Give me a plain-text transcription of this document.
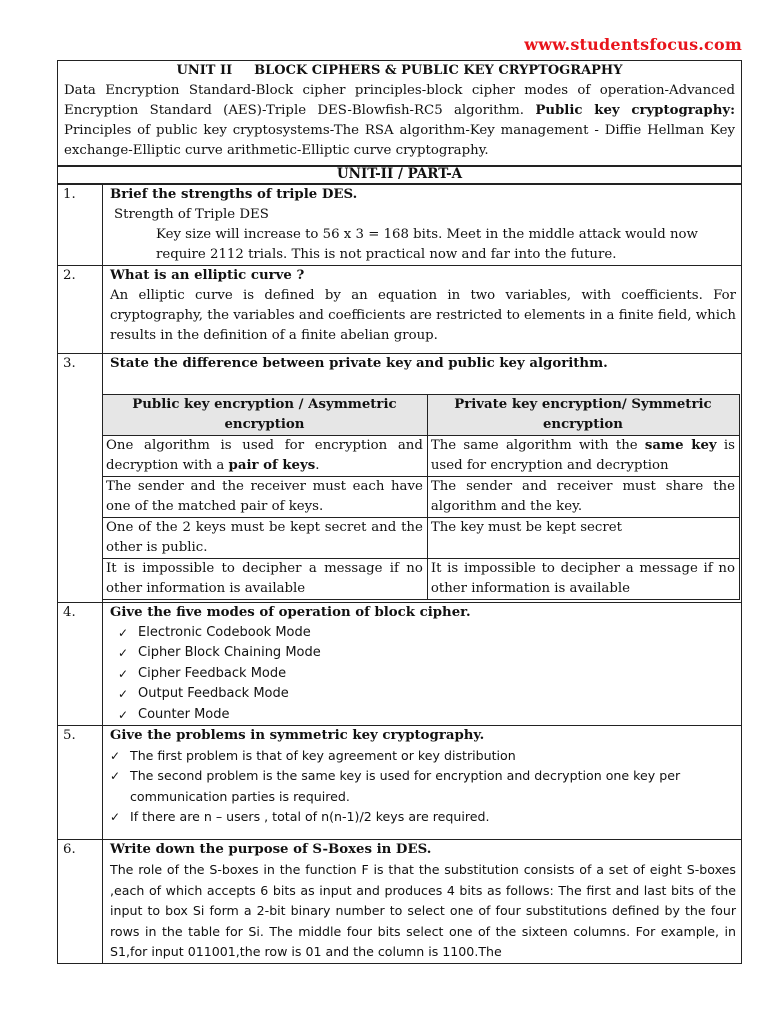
www.studentsfocus.com
UNIT II BLOCK CIPHERS & PUBLIC KEY CRYPTOGRAPHY
Data Encryption Standard-Block cipher principles-block cipher modes of operation-Advanced Encryption Standard (AES)-Triple DES-Blowfish-RC5 algorithm. Public key cryptography: Principles of public key cryptosystems-The RSA algorithm-Key management - Diffie Hellman Key exchange-Elliptic curve arithmetic-Elliptic curve cryptography.
UNIT-II / PART-A
1.	Brief the strengths of triple DES.
Strength of Triple DES
Key size will increase to 56 x 3 = 168 bits. Meet in the middle attack would now require 2112 trials. This is not practical now and far into the future.

2.	What is an elliptic curve ?
An elliptic curve is defined by an equation in two variables, with coefficients. For cryptography, the variables and coefficients are restricted to elements in a finite field, which results in the definition of a finite abelian group.

3.	State the difference between private key and public key algorithm.
Public key encryption / Asymmetric encryption	Private key encryption/ Symmetric encryption
One algorithm is used for encryption and decryption with a pair of keys.	The same algorithm with the same key is used for encryption and decryption
The sender and the receiver must each have one of the matched pair of keys.	The sender and receiver must share the algorithm and the key.
One of the 2 keys must be kept secret and the other is public.	The key must be kept secret
It is impossible to decipher a message if no other information is available	It is impossible to decipher a message if no other information is available

4.	Give the five modes of operation of block cipher.
✓ Electronic Codebook Mode
✓ Cipher Block Chaining Mode
✓ Cipher Feedback Mode
✓ Output Feedback Mode
✓ Counter Mode

5.	Give the problems in symmetric key cryptography.
✓ The first problem is that of key agreement or key distribution
✓ The second problem is the same key is used for encryption and decryption one key per communication parties is required.
✓ If there are n – users , total of n(n-1)/2 keys are required.

6.	Write down the purpose of S-Boxes in DES.
The role of the S-boxes in the function F is that the substitution consists of a set of eight S-boxes ,each of which accepts 6 bits as input and produces 4 bits as follows: The first and last bits of the input to box Si form a 2-bit binary number to select one of four substitutions defined by the four rows in the table for Si. The middle four bits select one of the sixteen columns. For example, in S1,for input 011001,the row is 01 and the column is 1100.The
